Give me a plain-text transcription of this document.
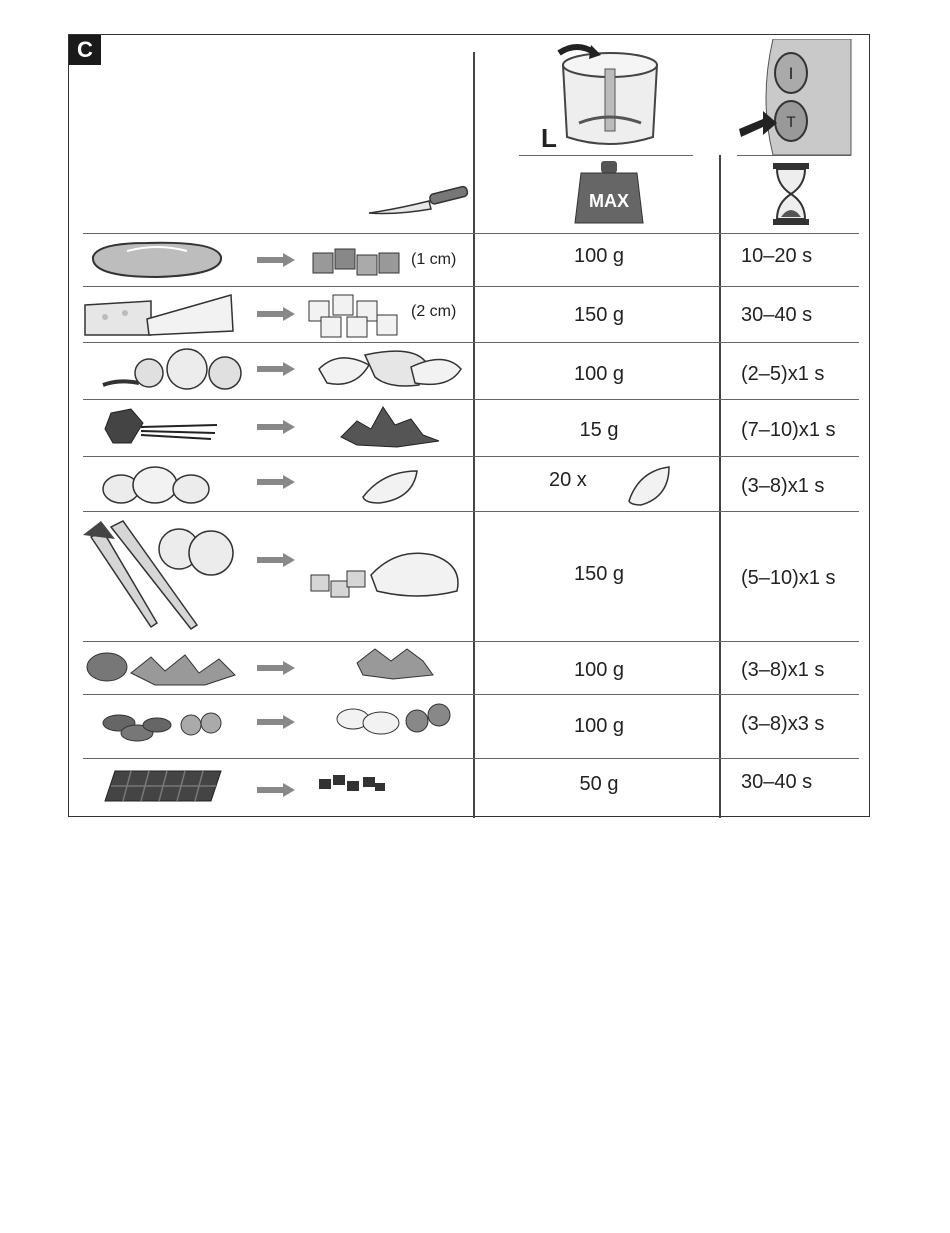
C
L
I
T
MAX
(1 cm)	100 g	10–20 s
(2 cm)	150 g	30–40 s
100 g	(2–5)x1 s
15 g	(7–10)x1 s
20 x	(3–8)x1 s
150 g	(5–10)x1 s
100 g	(3–8)x1 s
100 g	(3–8)x3 s
50 g	30–40 s
